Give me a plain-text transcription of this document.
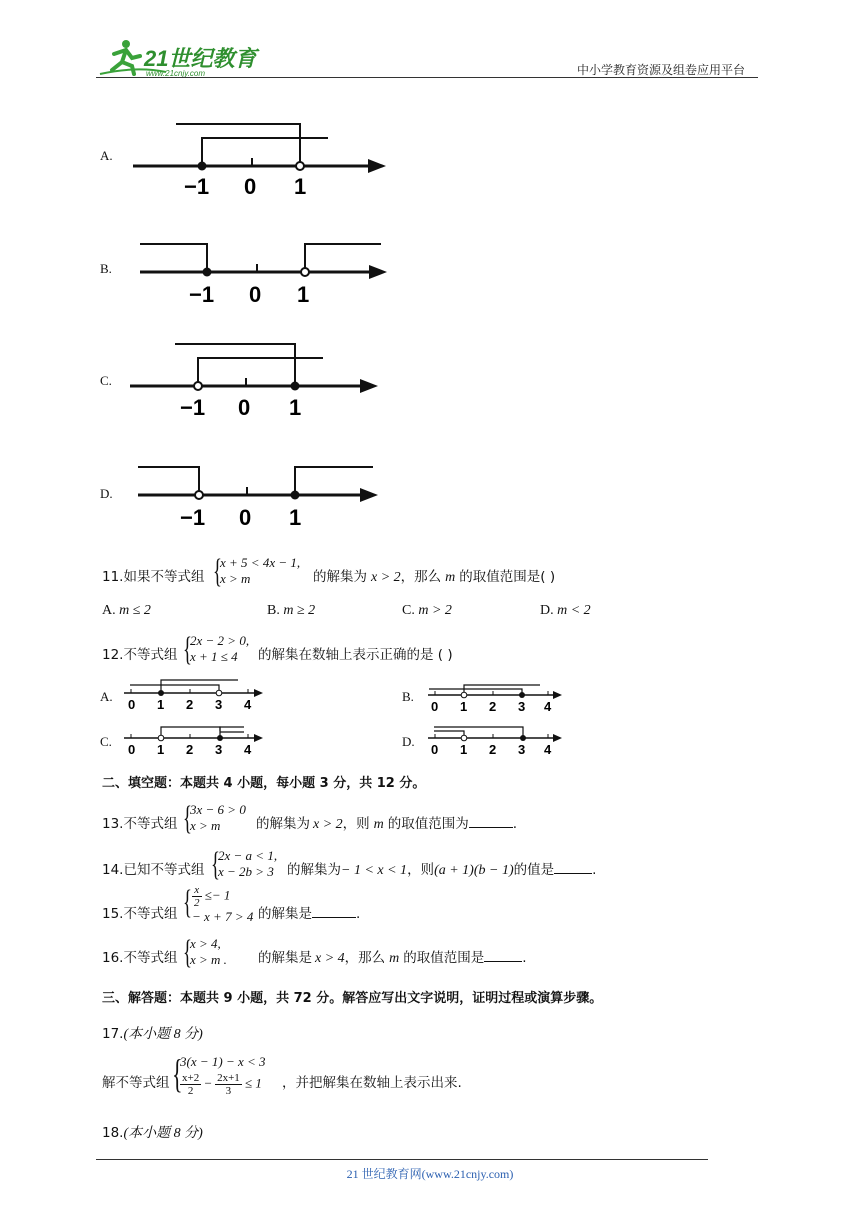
21世纪教育
www.21cnjy.com	中小学教育资源及组卷应用平台
A.
−1 0 1
B.
−1 0 1
C.
−1 0 1
D.
−1 0 1
11.如果不等式组 {
x + 5 < 4x − 1,
x > m	的解集为 x > 2，那么 m 的取值范围是( )
A. m ≤ 2	B. m ≥ 2	C. m > 2	D. m < 2
12.不等式组 {
2x − 2 > 0,
x + 1 ≤ 4	的解集在数轴上表示正确的是 ( )
A.
0 1 2 3 4
B.
0 1 2 3 4
C.
0 1 2 3 4
D.
0 1 2 3 4
二、填空题：本题共 4 小题，每小题 3 分，共 12 分。
13.不等式组 {
3x − 6 > 0
x > m	的解集为 x > 2，则 m 的取值范围为	.
14.已知不等式组 {
2x − a < 1,
x − 2b > 3 的解集为− 1 < x < 1，则(a + 1)(b − 1)的值是	.
15.不等式组 { $\frac{x}{2} \le- 1$
− x + 7 > 4 的解集是	.
16.不等式组 {
x > 4,
x > m . 的解集是 x > 4，那么 m 的取值范围是	.
三、解答题：本题共 9 小题，共 72 分。解答应写出文字说明，证明过程或演算步骤。
17.(本小题 8 分)
解不等式组 {
3(x − 1) − x < 3
$\frac{x+2}{2} - \frac{2x+1}{3} \le 1$ ，并把解集在数轴上表示出来.
18.(本小题 8 分)
21 世纪教育网(www.21cnjy.com)
